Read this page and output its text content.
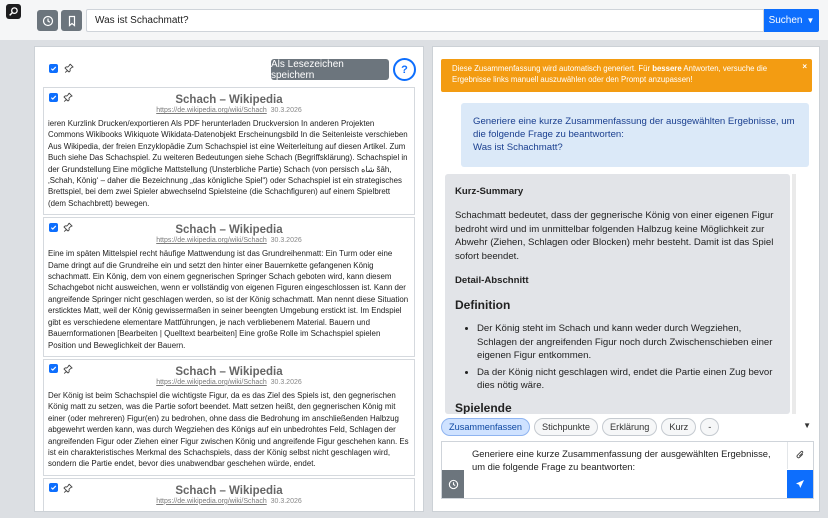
Was ist Schachmatt?
Suchen ▼
Als Lesezeichen speichern	?
Schach – Wikipedia
https://de.wikipedia.org/wiki/Schach 30.3.2026
ieren Kurzlink Drucken/exportieren Als PDF herunterladen Druckversion In anderen Projekten Commons Wikibooks Wikiquote Wikidata-Datenobjekt Erscheinungsbild In die Seitenleiste verschieben Aus Wikipedia, der freien Enzyklopädie Zum Schachspiel ist eine Weiterleitung auf diesen Artikel. Zum Buch siehe Das Schachspiel. Zu weiteren Bedeutungen siehe Schach (Begriffsklärung). Schachspiel in der Grundstellung Eine mögliche Mattstellung (Unsterbliche Partie) Schach (von persisch شاه šāh, ‚Schah, König‘ – daher die Bezeichnung „das königliche Spiel“) oder Schachspiel ist ein strategisches Brettspiel, bei dem zwei Spieler abwechselnd Spielsteine (die Schachfiguren) auf einem Spielbrett (dem Schachbrett) bewegen.
Schach – Wikipedia
https://de.wikipedia.org/wiki/Schach 30.3.2026
Eine im späten Mittelspiel recht häufige Mattwendung ist das Grundreihenmatt: Ein Turm oder eine Dame dringt auf die Grundreihe ein und setzt den hinter einer Bauernkette gefangenen König schachmatt. Ein König, dem von einem gegnerischen Springer Schach geboten wird, kann diesem Schachgebot nicht ausweichen, wenn er vollständig von eigenen Figuren eingeschlossen ist. Kann der angreifende Springer nicht geschlagen werden, so ist der König schachmatt. Man nennt diese Situation ersticktes Matt, weil der König gewissermaßen in seiner beengten Umgebung erstickt ist. Im Endspiel gibt es verschiedene elementare Mattführungen, je nach verbliebenem Material. Bauern und Bauernformationen [Bearbeiten | Quelltext bearbeiten] Eine große Rolle im Schachspiel spielen Position und Beweglichkeit der Bauern.
Schach – Wikipedia
https://de.wikipedia.org/wiki/Schach 30.3.2026
Der König ist beim Schachspiel die wichtigste Figur, da es das Ziel des Spiels ist, den gegnerischen König matt zu setzen, was die Partie sofort beendet. Matt setzen heißt, den gegnerischen König mit einer (oder mehreren) Figur(en) zu bedrohen, ohne dass die Bedrohung im anschließenden Halbzug abgewehrt werden kann, was durch Wegziehen des Königs auf ein unbedrohtes Feld, Schlagen der angreifenden Figur oder Ziehen einer Figur zwischen König und angreifende Figur geschehen kann. Es ist ein charakteristisches Merkmal des Schachspiels, dass der König selbst nicht geschlagen wird, sondern die Partie endet, bevor dies unabwendbar geschehen würde, endet.
Schach – Wikipedia
https://de.wikipedia.org/wiki/Schach 30.3.2026
Diese Zusammenfassung wird automatisch generiert. Für bessere Antworten, versuche die Ergebnisse links manuell auszuwählen oder den Prompt anzupassen!
×
Generiere eine kurze Zusammenfassung der ausgewählten Ergebnisse, um die folgende Frage zu beantworten:
Was ist Schachmatt?
Kurz-Summary

Schachmatt bedeutet, dass der gegnerische König von einer eigenen Figur bedroht wird und im unmittelbar folgenden Halbzug keine Möglichkeit zur Abwehr (Ziehen, Schlagen oder Blocken) mehr besteht. Damit ist das Spiel sofort beendet.

Detail-Abschnitt
Definition
• Der König steht im Schach und kann weder durch Wegziehen, Schlagen der angreifenden Figur noch durch Zwischenschieben einer eigenen Figur entkommen.
• Da der König nicht geschlagen wird, endet die Partie einen Zug bevor dies nötig wäre.
Spielende
Zusammenfassen	Stichpunkte	Erklärung	Kurz	-	▼
Generiere eine kurze Zusammenfassung der ausgewählten Ergebnisse, um die folgende Frage zu beantworten:
